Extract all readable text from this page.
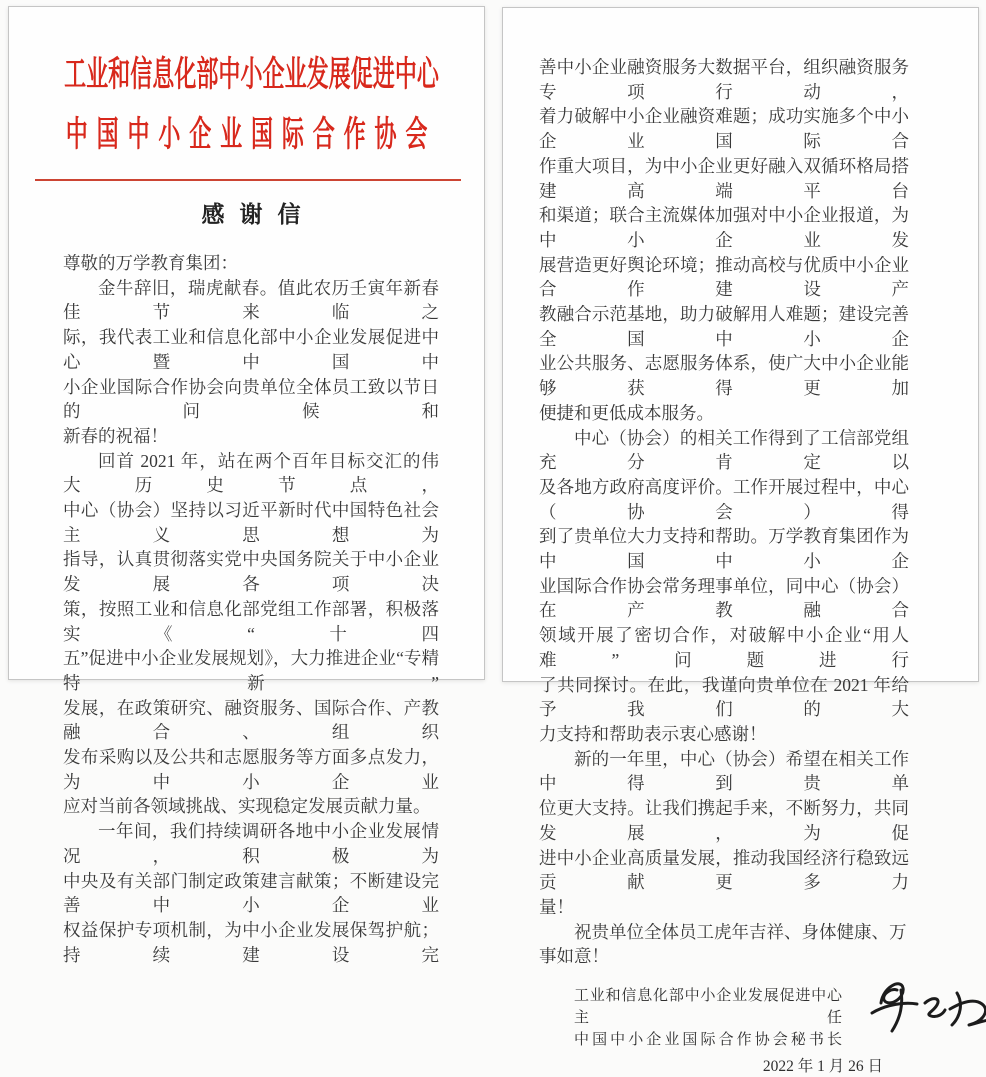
工业和信息化部中小企业发展促进中心
中国中小企业国际合作协会
感谢信
尊敬的万学教育集团：
金牛辞旧，瑞虎献春。值此农历壬寅年新春佳节来临之
际，我代表工业和信息化部中小企业发展促进中心暨中国中
小企业国际合作协会向贵单位全体员工致以节日的问候和
新春的祝福！
回首 2021 年，站在两个百年目标交汇的伟大历史节点，
中心（协会）坚持以习近平新时代中国特色社会主义思想为
指导，认真贯彻落实党中央国务院关于中小企业发展各项决
策，按照工业和信息化部党组工作部署，积极落实《“十四
五”促进中小企业发展规划》，大力推进企业“专精特新”
发展，在政策研究、融资服务、国际合作、产教融合、组织
发布采购以及公共和志愿服务等方面多点发力，为中小企业
应对当前各领域挑战、实现稳定发展贡献力量。
一年间，我们持续调研各地中小企业发展情况，积极为
中央及有关部门制定政策建言献策；不断建设完善中小企业
权益保护专项机制，为中小企业发展保驾护航；持续建设完
善中小企业融资服务大数据平台，组织融资服务专项行动，
着力破解中小企业融资难题；成功实施多个中小企业国际合
作重大项目，为中小企业更好融入双循环格局搭建高端平台
和渠道；联合主流媒体加强对中小企业报道，为中小企业发
展营造更好舆论环境；推动高校与优质中小企业合作建设产
教融合示范基地，助力破解用人难题；建设完善全国中小企
业公共服务、志愿服务体系，使广大中小企业能够获得更加
便捷和更低成本服务。
中心（协会）的相关工作得到了工信部党组充分肯定以
及各地方政府高度评价。工作开展过程中，中心（协会）得
到了贵单位大力支持和帮助。万学教育集团作为中国中小企
业国际合作协会常务理事单位，同中心（协会）在产教融合
领域开展了密切合作，对破解中小企业“用人难”问题进行
了共同探讨。在此，我谨向贵单位在 2021 年给予我们的大
力支持和帮助表示衷心感谢！
新的一年里，中心（协会）希望在相关工作中得到贵单
位更大支持。让我们携起手来，不断努力，共同发展，为促
进中小企业高质量发展，推动我国经济行稳致远贡献更多力
量！
祝贵单位全体员工虎年吉祥、身体健康、万事如意！
工业和信息化部中小企业发展促进中心主任
中国中小企业国际合作协会秘书长
2022 年 1 月 26 日
